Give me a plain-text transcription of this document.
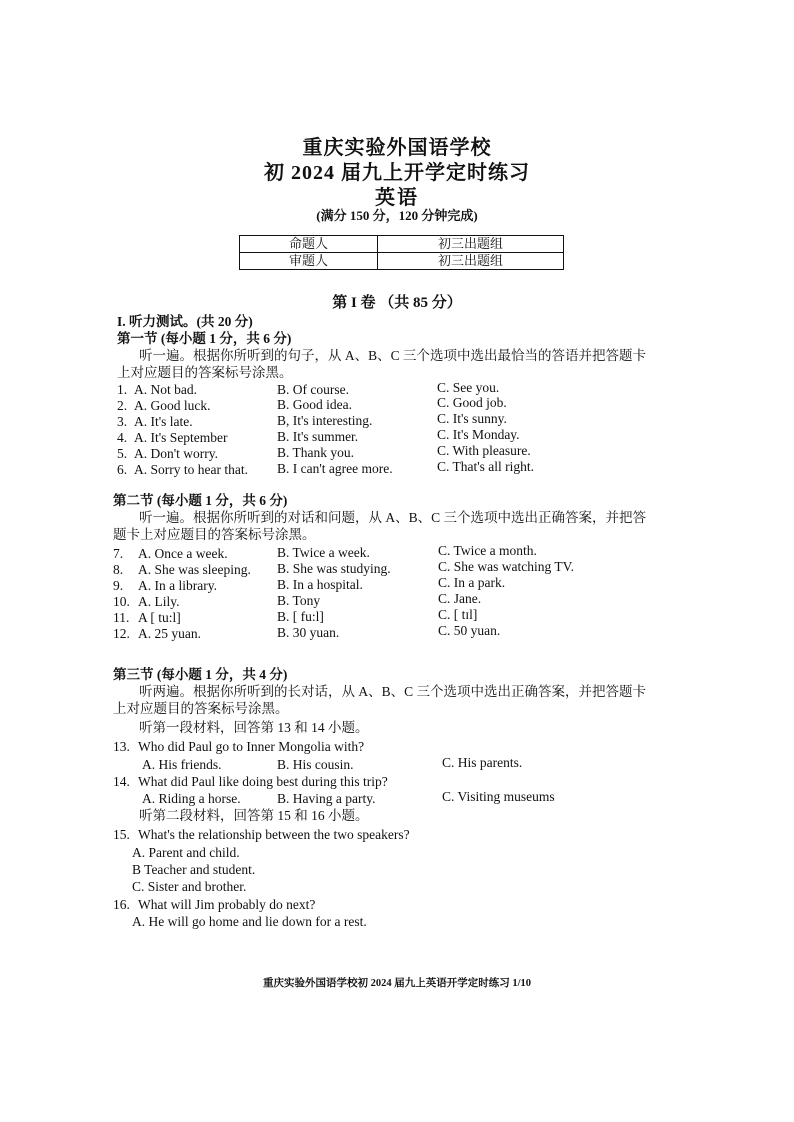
重庆实验外国语学校
初 2024 届九上开学定时练习
英语
(满分 150 分，120 分钟完成)
命题人	初三出题组
审题人	初三出题组
第 I 卷 （共 85 分）
I. 听力测试。(共 20 分)
第一节 (每小题 1 分，共 6 分)
听一遍。根据你所听到的句子，从 A、B、C 三个选项中选出最恰当的答语并把答题卡
上对应题目的答案标号涂黑。
1. A. Not bad.	B. Of course.	C. See you.
2. A. Good luck.	B. Good idea.	C. Good job.
3. A. It's late.	B, It's interesting.	C. It's sunny.
4. A. It's September	B. It's summer.	C. It's Monday.
5. A. Don't worry.	B. Thank you.	C. With pleasure.
6. A. Sorry to hear that. B. I can't agree more.	C. That's all right.
第二节 (每小题 1 分，共 6 分)
听一遍。根据你所听到的对话和问题，从 A、B、C 三个选项中选出正确答案，并把答
题卡上对应题目的答案标号涂黑。
7. A. Once a week.	B. Twice a week.	C. Twice a month.
8. A. She was sleeping. B. She was studying.	C. She was watching TV.
9. A. In a library.	B. In a hospital.	C. In a park.
10. A. Lily.	B. Tony	C. Jane.
11. A [ tu:l]	B. [ fu:l]	C. [ tɪl]
12. A. 25 yuan.	B. 30 yuan.	C. 50 yuan.
第三节 (每小题 1 分，共 4 分)
听两遍。根据你所听到的长对话，从 A、B、C 三个选项中选出正确答案，并把答题卡
上对应题目的答案标号涂黑。
听第一段材料，回答第 13 和 14 小题。
13. Who did Paul go to Inner Mongolia with?
A. His friends.	B. His cousin.	C. His parents.
14. What did Paul like doing best during this trip?
A. Riding a horse.	B. Having a party.	C. Visiting museums
听第二段材料，回答第 15 和 16 小题。
15. What's the relationship between the two speakers?
A. Parent and child.
B Teacher and student.
C. Sister and brother.
16. What will Jim probably do next?
A. He will go home and lie down for a rest.
重庆实验外国语学校初 2024 届九上英语开学定时练习 1/10
